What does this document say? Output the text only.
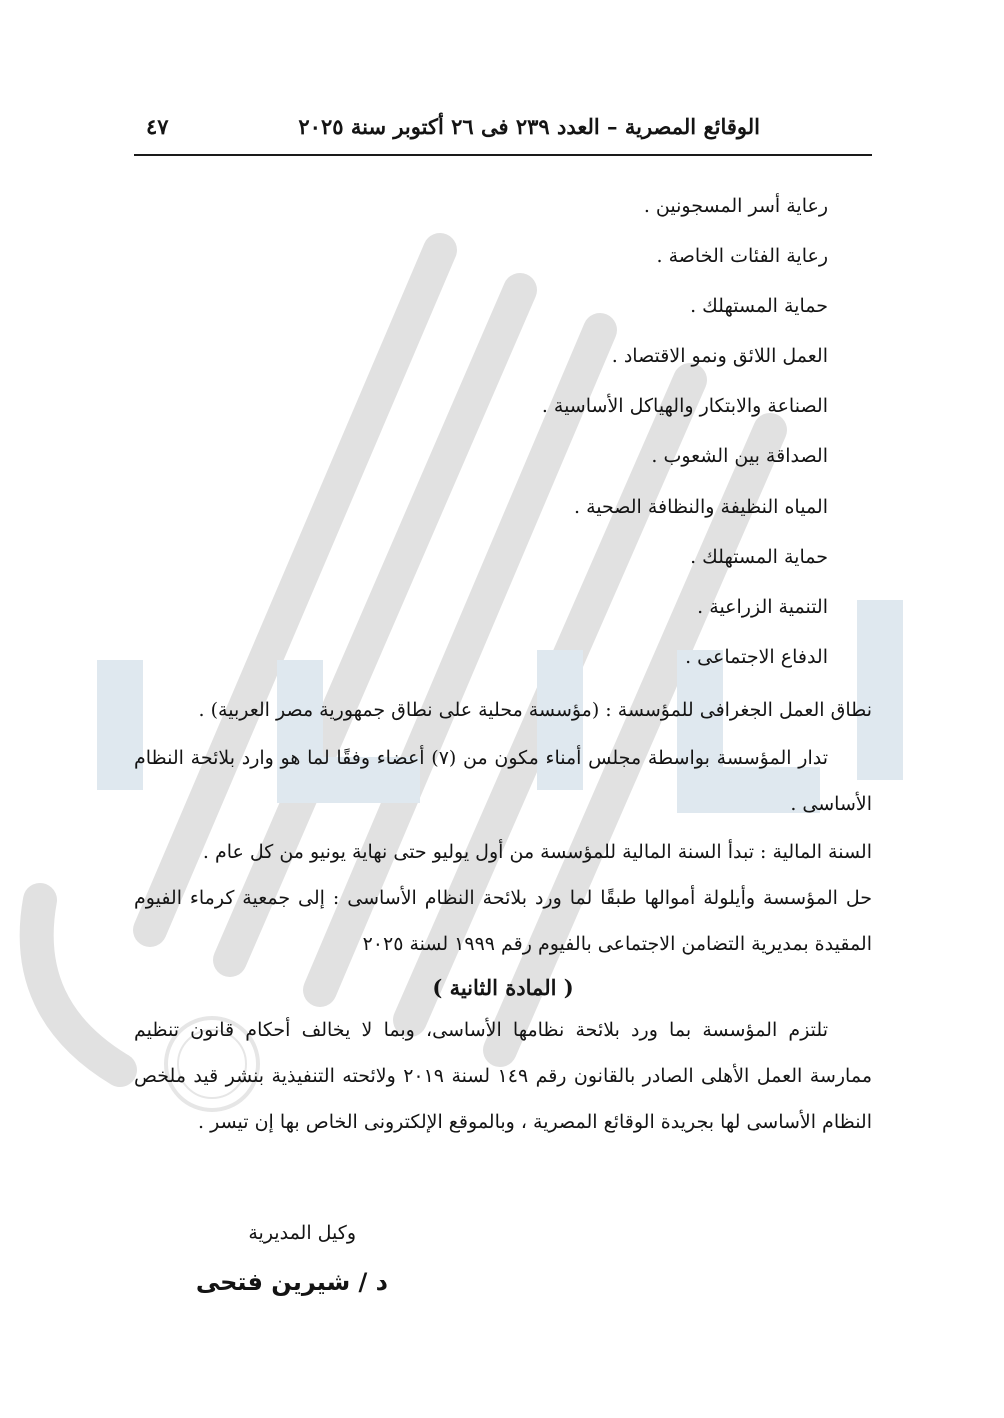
الوقائع المصرية – العدد ٢٣٩ فى ٢٦ أكتوبر سنة ٢٠٢٥
٤٧
رعاية أسر المسجونين .
رعاية الفئات الخاصة .
حماية المستهلك .
العمل اللائق ونمو الاقتصاد .
الصناعة والابتكار والهياكل الأساسية .
الصداقة بين الشعوب .
المياه النظيفة والنظافة الصحية .
حماية المستهلك .
التنمية الزراعية .
الدفاع الاجتماعى .
نطاق العمل الجغرافى للمؤسسة : (مؤسسة محلية على نطاق جمهورية مصر العربية) .
تدار المؤسسة بواسطة مجلس أمناء مكون من (٧) أعضاء وفقًا لما هو وارد بلائحة النظام الأساسى .
السنة المالية : تبدأ السنة المالية للمؤسسة من أول يوليو حتى نهاية يونيو من كل عام .
حل المؤسسة وأيلولة أموالها طبقًا لما ورد بلائحة النظام الأساسى : إلى جمعية كرماء الفيوم المقيدة بمديرية التضامن الاجتماعى بالفيوم رقم ١٩٩٩ لسنة ٢٠٢٥
( المادة الثانية )
تلتزم المؤسسة بما ورد بلائحة نظامها الأساسى، وبما لا يخالف أحكام قانون تنظيم ممارسة العمل الأهلى الصادر بالقانون رقم ١٤٩ لسنة ٢٠١٩ ولائحته التنفيذية بنشر قيد ملخص النظام الأساسى لها بجريدة الوقائع المصرية ، وبالموقع الإلكترونى الخاص بها إن تيسر .
وكيل المديرية
د / شيرين فتحى
